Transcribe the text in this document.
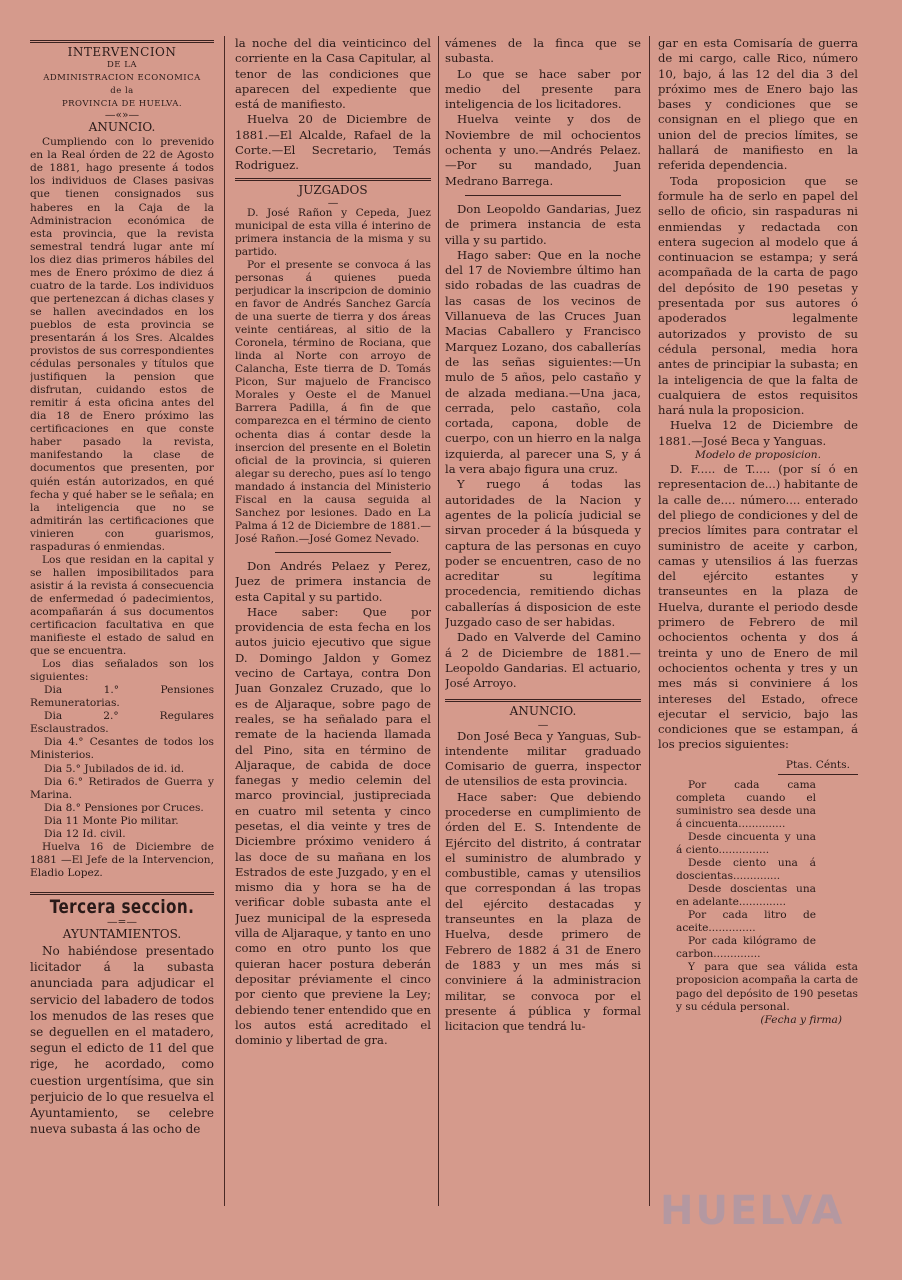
INTERVENCION
DE LA
ADMINISTRACION ECONOMICA
de la
PROVINCIA DE HUELVA.
—«»—
ANUNCIO.

Cumpliendo con lo prevenido en la Real órden de 22 de Agosto de 1881, hago presente á todos los individuos de Clases pasivas que tienen consignados sus haberes en la Caja de la Administracion económica de esta provincia, que la revista semestral tendrá lugar ante mí los diez dias primeros hábiles del mes de Enero próximo de diez á cuatro de la tarde. Los individuos que pertenezcan á dichas clases y se hallen avecindados en los pueblos de esta provincia se presentarán á los Sres. Alcaldes provistos de sus correspondientes cédulas personales y títulos que justifiquen la pension que disfrutan, cuidando estos de remitir á esta oficina antes del dia 18 de Enero próximo las certificaciones en que conste haber pasado la revista, manifestando la clase de documentos que presenten, por quién están autorizados, en qué fecha y qué haber se le señala; en la inteligencia que no se admitirán las certificaciones que vinieren con guarismos, raspaduras ó enmiendas.

Los que residan en la capital y se hallen imposibilitados para asistir á la revista á consecuencia de enfermedad ó padecimientos, acompañarán á sus documentos certificacion facultativa en que manifieste el estado de salud en que se encuentra.

Los dias señalados son los siguientes:

Dia 1.° Pensiones Remuneratorias.

Dia 2.° Regulares Esclaustrados.

Dia 4.° Cesantes de todos los Ministerios.

Dia 5.° Jubilados de id. id.

Dia 6.° Retirados de Guerra y Marina.

Dia 8.° Pensiones por Cruces.

Dia 11 Monte Pio militar.

Dia 12 Id. civil.

Huelva 16 de Diciembre de 1881 —El Jefe de la Intervencion, Eladio Lopez.

Tercera seccion.
—=—
AYUNTAMIENTOS.

No habiéndose presentado licitador á la subasta anunciada para adjudicar el servicio del labadero de todos los menudos de las reses que se deguellen en el matadero, segun el edicto de 11 del que rige, he acordado, como cuestion urgentísima, que sin perjuicio de lo que resuelva el Ayuntamiento, se celebre nueva subasta á las ocho de

la noche del dia veinticinco del corriente en la Casa Capitular, al tenor de las condiciones que aparecen del expediente que está de manifiesto.

Huelva 20 de Diciembre de 1881.—El Alcalde, Rafael de la Corte.—El Secretario, Temás Rodriguez.

JUZGADOS
—

D. José Rañon y Cepeda, Juez municipal de esta villa é interino de primera instancia de la misma y su partido.

Por el presente se convoca á las personas á quienes pueda perjudicar la inscripcion de dominio en favor de Andrés Sanchez García de una suerte de tierra y dos áreas veinte centiáreas, al sitio de la Coronela, término de Rociana, que linda al Norte con arroyo de Calancha, Este tierra de D. Tomás Picon, Sur majuelo de Francisco Morales y Oeste el de Manuel Barrera Padilla, á fin de que comparezca en el término de ciento ochenta dias á contar desde la insercion del presente en el Boletin oficial de la provincia, si quieren alegar su derecho, pues así lo tengo mandado á instancia del Ministerio Fiscal en la causa seguida al Sanchez por lesiones. Dado en La Palma á 12 de Diciembre de 1881.—José Rañon.—José Gomez Nevado.

Don Andrés Pelaez y Perez, Juez de primera instancia de esta Capital y su partido.

Hace saber: Que por providencia de esta fecha en los autos juicio ejecutivo que sigue D. Domingo Jaldon y Gomez vecino de Cartaya, contra Don Juan Gonzalez Cruzado, que lo es de Aljaraque, sobre pago de reales, se ha señalado para el remate de la hacienda llamada del Pino, sita en término de Aljaraque, de cabida de doce fanegas y medio celemin del marco provincial, justipreciada en cuatro mil setenta y cinco pesetas, el dia veinte y tres de Diciembre próximo venidero á las doce de su mañana en los Estrados de este Juzgado, y en el mismo dia y hora se ha de verificar doble subasta ante el Juez municipal de la espreseda villa de Aljaraque, y tanto en uno como en otro punto los que quieran hacer postura deberán depositar préviamente el cinco por ciento que previene la Ley; debiendo tener entendido que en los autos está acreditado el dominio y libertad de gra.

vámenes de la finca que se subasta.

Lo que se hace saber por medio del presente para inteligencia de los licitadores.

Huelva veinte y dos de Noviembre de mil ochocientos ochenta y uno.—Andrés Pelaez.—Por su mandado, Juan Medrano Barrega.

Don Leopoldo Gandarias, Juez de primera instancia de esta villa y su partido.

Hago saber: Que en la noche del 17 de Noviembre último han sido robadas de las cuadras de las casas de los vecinos de Villanueva de las Cruces Juan Macias Caballero y Francisco Marquez Lozano, dos caballerías de las señas siguientes:—Un mulo de 5 años, pelo castaño y de alzada mediana.—Una jaca, cerrada, pelo castaño, cola cortada, capona, doble de cuerpo, con un hierro en la nalga izquierda, al parecer una S, y á la vera abajo figura una cruz.

Y ruego á todas las autoridades de la Nacion y agentes de la policía judicial se sirvan proceder á la búsqueda y captura de las personas en cuyo poder se encuentren, caso de no acreditar su legítima procedencia, remitiendo dichas caballerías á disposicion de este Juzgado caso de ser habidas.

Dado en Valverde del Camino á 2 de Diciembre de 1881.—Leopoldo Gandarias. El actuario, José Arroyo.

ANUNCIO.
—

Don José Beca y Yanguas, Sub-intendente militar graduado Comisario de guerra, inspector de utensilios de esta provincia.

Hace saber: Que debiendo procederse en cumplimiento de órden del E. S. Intendente de Ejército del distrito, á contratar el suministro de alumbrado y combustible, camas y utensilios que correspondan á las tropas del ejército destacadas y transeuntes en la plaza de Huelva, desde primero de Febrero de 1882 á 31 de Enero de 1883 y un mes más si conviniere á la administracion militar, se convoca por el presente á pública y formal licitacion que tendrá lu-

gar en esta Comisaría de guerra de mi cargo, calle Rico, número 10, bajo, á las 12 del dia 3 del próximo mes de Enero bajo las bases y condiciones que se consignan en el pliego que en union del de precios límites, se hallará de manifiesto en la referida dependencia.

Toda proposicion que se formule ha de serlo en papel del sello de oficio, sin raspaduras ni enmiendas y redactada con entera sugecion al modelo que á continuacion se estampa; y será acompañada de la carta de pago del depósito de 190 pesetas y presentada por sus autores ó apoderados legalmente autorizados y provisto de su cédula personal, media hora antes de principiar la subasta; en la inteligencia de que la falta de cualquiera de estos requisitos hará nula la proposicion.

Huelva 12 de Diciembre de 1881.—José Beca y Yanguas.

Modelo de proposicion.

D. F..... de T..... (por sí ó en representacion de...) habitante de la calle de.... número.... enterado del pliego de condiciones y del de precios límites para contratar el suministro de aceite y carbon, camas y utensilios á las fuerzas del ejército estantes y transeuntes en la plaza de Huelva, durante el periodo desde primero de Febrero de mil ochocientos ochenta y dos á treinta y uno de Enero de mil ochocientos ochenta y tres y un mes más si conviniere á los intereses del Estado, ofrece ejecutar el servicio, bajo las condiciones que se estampan, á los precios siguientes:

Ptas. Cénts.

Por cada cama completa cuando el suministro sea desde una á cincuenta..............

Desde cincuenta y una á ciento...............

Desde ciento una á doscientas..............

Desde doscientas una en adelante..............

Por cada litro de aceite..............

Por cada kilógramo de carbon..............

Y para que sea válida esta proposicion acompaña la carta de pago del depósito de 190 pesetas y su cédula personal.

(Fecha y firma)
HUELVA
